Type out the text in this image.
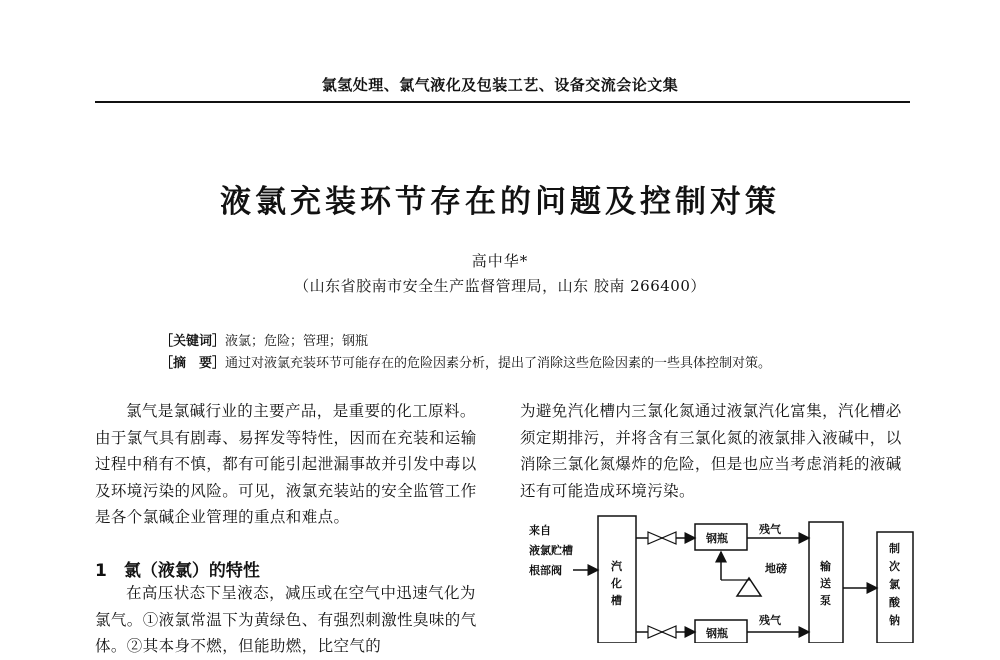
氯氢处理、氯气液化及包装工艺、设备交流会论文集
液氯充装环节存在的问题及控制对策
高中华*
（山东省胶南市安全生产监督管理局，山东 胶南 266400）
［关键词］液氯；危险；管理；钢瓶
［摘　要］通过对液氯充装环节可能存在的危险因素分析，提出了消除这些危险因素的一些具体控制对策。
氯气是氯碱行业的主要产品，是重要的化工原料。由于氯气具有剧毒、易挥发等特性，因而在充装和运输过程中稍有不慎，都有可能引起泄漏事故并引发中毒以及环境污染的风险。可见，液氯充装站的安全监管工作是各个氯碱企业管理的重点和难点。
1　氯（液氯）的特性
在高压状态下呈液态，减压或在空气中迅速气化为氯气。①液氯常温下为黄绿色、有强烈刺激性臭味的气体。②其本身不燃，但能助燃，比空气的
为避免汽化槽内三氯化氮通过液氯汽化富集，汽化槽必须定期排污，并将含有三氯化氮的液氯排入液碱中，以消除三氯化氮爆炸的危险，但是也应当考虑消耗的液碱还有可能造成环境污染。
来自
液氯贮槽
根部阀	汽
化
槽
钢瓶
残气
地磅
钢瓶
残气
输
送
泵
制
次
氯
酸
钠
